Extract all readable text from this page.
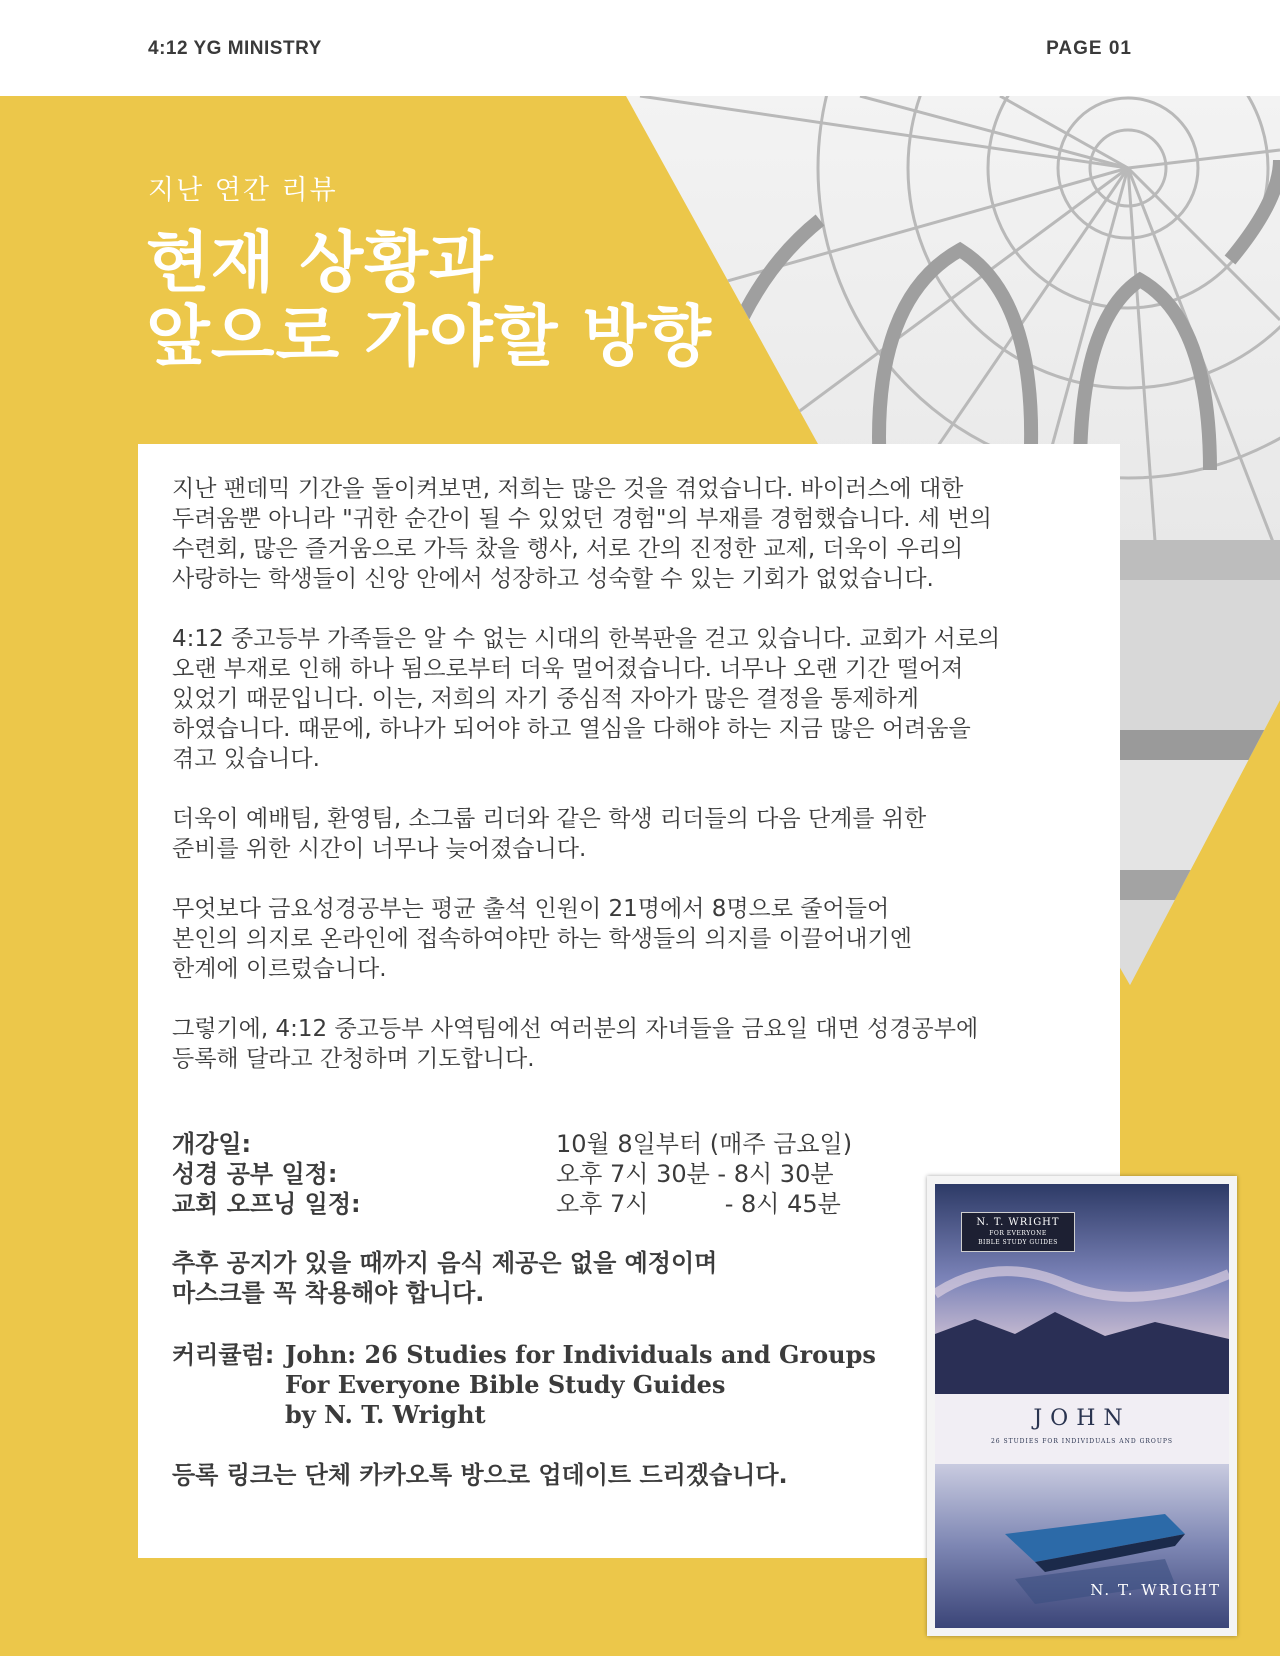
4:12 YG MINISTRY	PAGE 01
지난 연간 리뷰
현재 상황과
앞으로 가야할 방향

지난 팬데믹 기간을 돌이켜보면, 저희는 많은 것을 겪었습니다. 바이러스에 대한
두려움뿐 아니라 "귀한 순간이 될 수 있었던 경험"의 부재를 경험했습니다. 세 번의
수련회, 많은 즐거움으로 가득 찼을 행사, 서로 간의 진정한 교제, 더욱이 우리의
사랑하는 학생들이 신앙 안에서 성장하고 성숙할 수 있는 기회가 없었습니다.

4:12 중고등부 가족들은 알 수 없는 시대의 한복판을 걷고 있습니다. 교회가 서로의
오랜 부재로 인해 하나 됨으로부터 더욱 멀어졌습니다. 너무나 오랜 기간 떨어져
있었기 때문입니다. 이는, 저희의 자기 중심적 자아가 많은 결정을 통제하게
하였습니다. 때문에, 하나가 되어야 하고 열심을 다해야 하는 지금 많은 어려움을
겪고 있습니다.

더욱이 예배팀, 환영팀, 소그룹 리더와 같은 학생 리더들의 다음 단계를 위한
준비를 위한 시간이 너무나 늦어졌습니다.

무엇보다 금요성경공부는 평균 출석 인원이 21명에서 8명으로 줄어들어
본인의 의지로 온라인에 접속하여야만 하는 학생들의 의지를 이끌어내기엔
한계에 이르렀습니다.

그렇기에, 4:12 중고등부 사역팀에선 여러분의 자녀들을 금요일 대면 성경공부에
등록해 달라고 간청하며 기도합니다.

개강일:	10월 8일부터 (매주 금요일)
성경 공부 일정:	오후 7시 30분 - 8시 30분
교회 오프닝 일정:	오후 7시          - 8시 45분
추후 공지가 있을 때까지 음식 제공은 없을 예정이며
마스크를 꼭 착용해야 합니다.
커리큘럼: John: 26 Studies for Individuals and Groups
For Everyone Bible Study Guides
by N. T. Wright
등록 링크는 단체 카카오톡 방으로 업데이트 드리겠습니다.
N. T. WRIGHT
FOR EVERYONE
BIBLE STUDY GUIDES
JOHN
26 STUDIES FOR INDIVIDUALS AND GROUPS
N. T. WRIGHT
